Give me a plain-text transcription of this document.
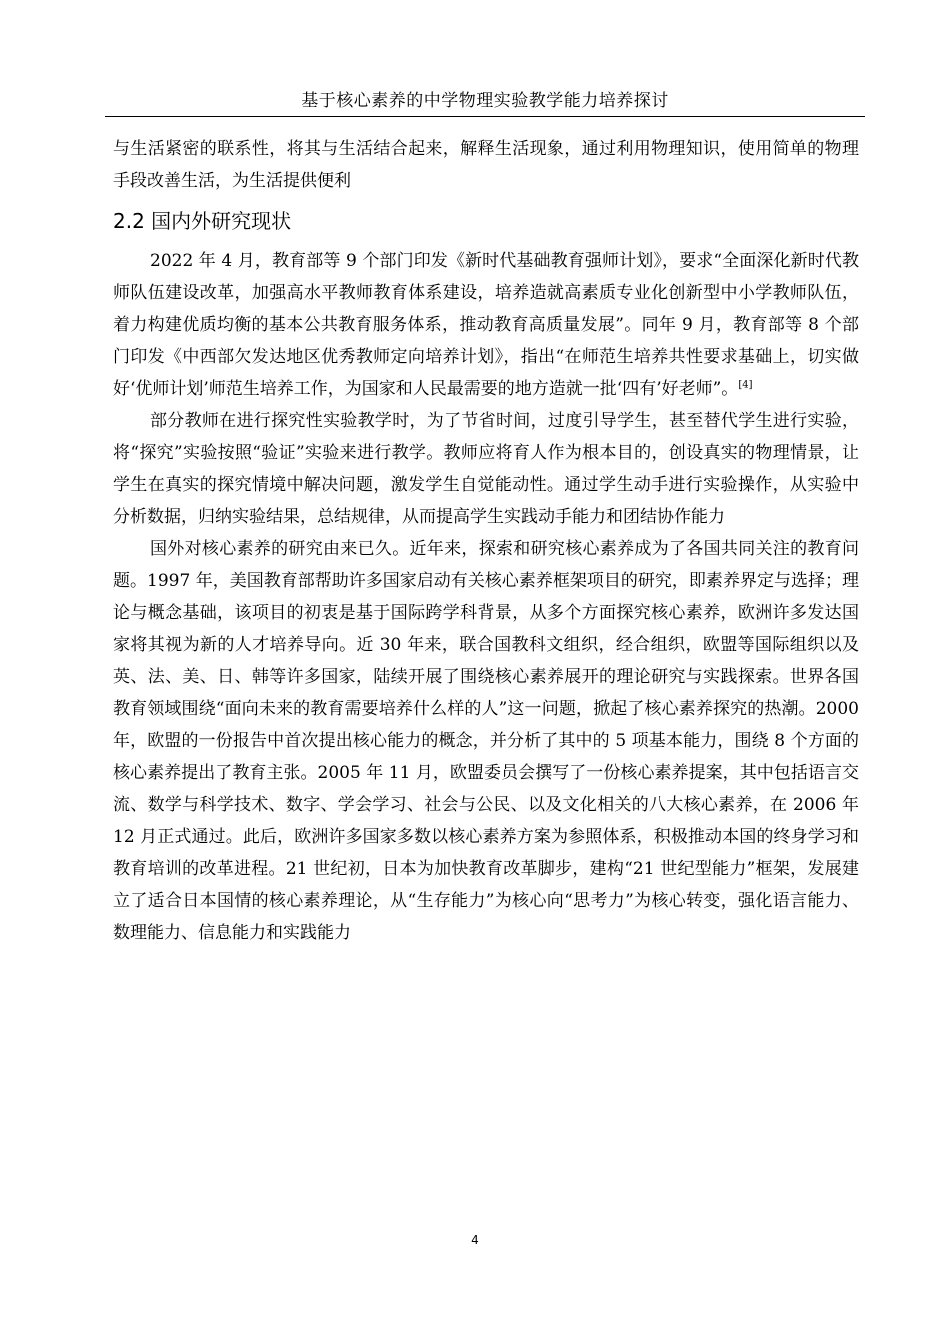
基于核心素养的中学物理实验教学能力培养探讨

与生活紧密的联系性，将其与生活结合起来，解释生活现象，通过利用物理知识，使用简单的物理手段改善生活，为生活提供便利

2.2 国内外研究现状

2022 年 4 月，教育部等 9 个部门印发《新时代基础教育强师计划》，要求“全面深化新时代教师队伍建设改革，加强高水平教师教育体系建设，培养造就高素质专业化创新型中小学教师队伍，着力构建优质均衡的基本公共教育服务体系，推动教育高质量发展”。同年 9 月，教育部等 8 个部门印发《中西部欠发达地区优秀教师定向培养计划》，指出“在师范生培养共性要求基础上，切实做好‘优师计划’师范生培养工作，为国家和人民最需要的地方造就一批‘四有’好老师”。[4]

部分教师在进行探究性实验教学时，为了节省时间，过度引导学生，甚至替代学生进行实验，将“探究”实验按照“验证”实验来进行教学。教师应将育人作为根本目的，创设真实的物理情景，让学生在真实的探究情境中解决问题，激发学生自觉能动性。通过学生动手进行实验操作，从实验中分析数据，归纳实验结果，总结规律，从而提高学生实践动手能力和团结协作能力

国外对核心素养的研究由来已久。近年来，探索和研究核心素养成为了各国共同关注的教育问题。1997 年，美国教育部帮助许多国家启动有关核心素养框架项目的研究，即素养界定与选择；理论与概念基础，该项目的初衷是基于国际跨学科背景，从多个方面探究核心素养，欧洲许多发达国家将其视为新的人才培养导向。近 30 年来，联合国教科文组织，经合组织，欧盟等国际组织以及英、法、美、日、韩等许多国家，陆续开展了围绕核心素养展开的理论研究与实践探索。世界各国教育领域围绕“面向未来的教育需要培养什么样的人”这一问题，掀起了核心素养探究的热潮。2000 年，欧盟的一份报告中首次提出核心能力的概念，并分析了其中的 5 项基本能力，围绕 8 个方面的核心素养提出了教育主张。2005 年 11 月，欧盟委员会撰写了一份核心素养提案，其中包括语言交流、数学与科学技术、数字、学会学习、社会与公民、以及文化相关的八大核心素养，在 2006 年 12 月正式通过。此后，欧洲许多国家多数以核心素养方案为参照体系，积极推动本国的终身学习和教育培训的改革进程。21 世纪初，日本为加快教育改革脚步，建构“21 世纪型能力”框架，发展建立了适合日本国情的核心素养理论，从“生存能力”为核心向“思考力”为核心转变，强化语言能力、数理能力、信息能力和实践能力

4
